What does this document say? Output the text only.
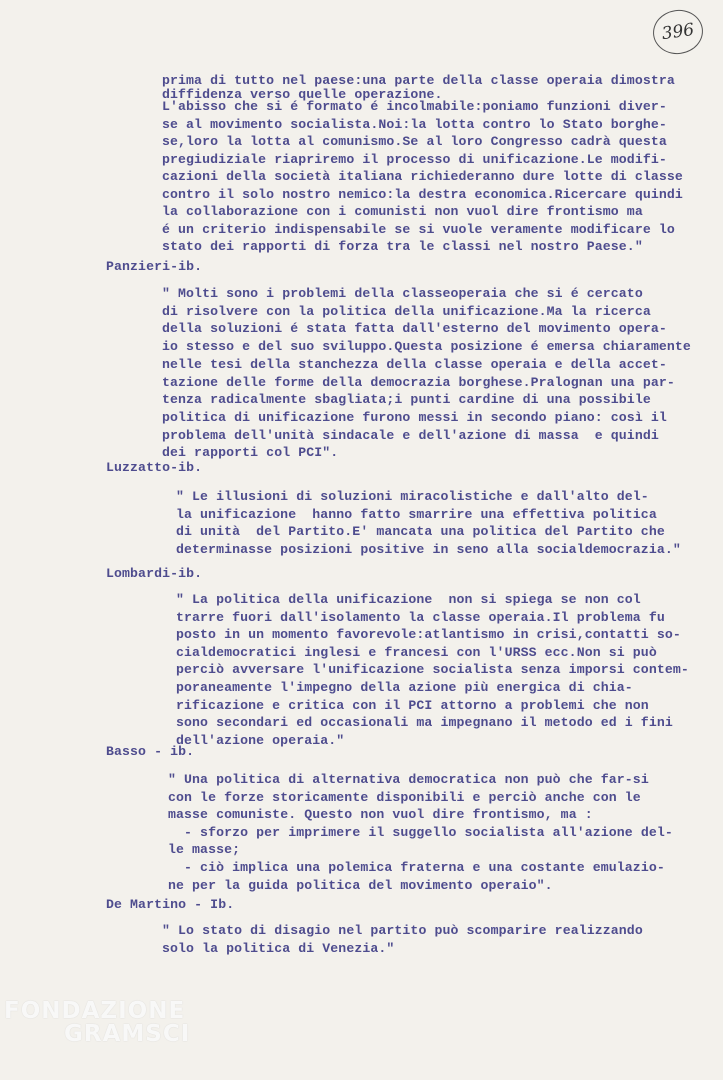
396
prima di tutto nel paese:una parte della classe operaia dimostra
diffidenza verso quelle operazione.
L'abisso che si é formato é incolmabile:poniamo funzioni diver-
se al movimento socialista.Noi:la lotta contro lo Stato borghe-
se,loro la lotta al comunismo.Se al loro Congresso cadrà questa
pregiudiziale riapriremo il processo di unificazione.Le modifi-
cazioni della società italiana richiederanno dure lotte di classe
contro il solo nostro nemico:la destra economica.Ricercare quindi
la collaborazione con i comunisti non vuol dire frontismo ma
é un criterio indispensabile se si vuole veramente modificare lo
stato dei rapporti di forza tra le classi nel nostro Paese."
Panzieri-ib.
" Molti sono i problemi della classeoperaia che si é cercato
di risolvere con la politica della unificazione.Ma la ricerca
della soluzioni é stata fatta dall'esterno del movimento opera-
io stesso e del suo sviluppo.Questa posizione é emersa chiaramente
nelle tesi della stanchezza della classe operaia e della accet-
tazione delle forme della democrazia borghese.Pralognan una par-
tenza radicalmente sbagliata;i punti cardine di una possibile
politica di unificazione furono messi in secondo piano: così il
problema dell'unità sindacale e dell'azione di massa  e quindi
dei rapporti col PCI".
Luzzatto-ib.
" Le illusioni di soluzioni miracolistiche e dall'alto del-
la unificazione  hanno fatto smarrire una effettiva politica
di unità  del Partito.E' mancata una politica del Partito che
determinasse posizioni positive in seno alla socialdemocrazia."
Lombardi-ib.
" La politica della unificazione  non si spiega se non col
trarre fuori dall'isolamento la classe operaia.Il problema fu
posto in un momento favorevole:atlantismo in crisi,contatti so-
cialdemocratici inglesi e francesi con l'URSS ecc.Non si può
perciò avversare l'unificazione socialista senza imporsi contem-
poraneamente l'impegno della azione più energica di chia-
rificazione e critica con il PCI attorno a problemi che non
sono secondari ed occasionali ma impegnano il metodo ed i fini
dell'azione operaia."
Basso - ib.
" Una politica di alternativa democratica non può che far-si
con le forze storicamente disponibili e perciò anche con le
masse comuniste. Questo non vuol dire frontismo, ma :
- sforzo per imprimere il suggello socialista all'azione del-
le masse;
- ciò implica una polemica fraterna e una costante emulazio-
ne per la guida politica del movimento operaio".
De Martino - Ib.
" Lo stato di disagio nel partito può scomparire realizzando
solo la politica di Venezia."
FONDAZIONE
GRAMSCI
